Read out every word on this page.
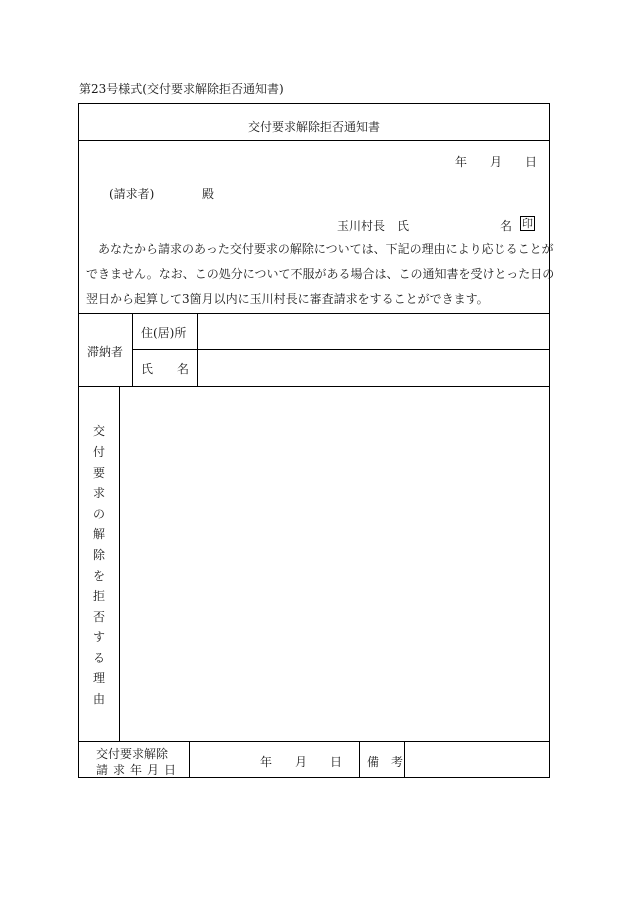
第23号様式(交付要求解除拒否通知書)
交付要求解除拒否通知書
年 月 日
(請求者)	殿
玉川村長　氏	名 印

あなたから請求のあった交付要求の解除については、下記の理由により応じることが

できません。なお、この処分について不服がある場合は、この通知書を受けとった日の

翌日から起算して3箇月以内に玉川村長に審査請求をすることができます。

滞納者
住(居)所
氏　　名
交
付
要
求
の
解
除
を
拒
否
す
る
理
由
交付要求解除
請求年月日
年 月 日 備　考
